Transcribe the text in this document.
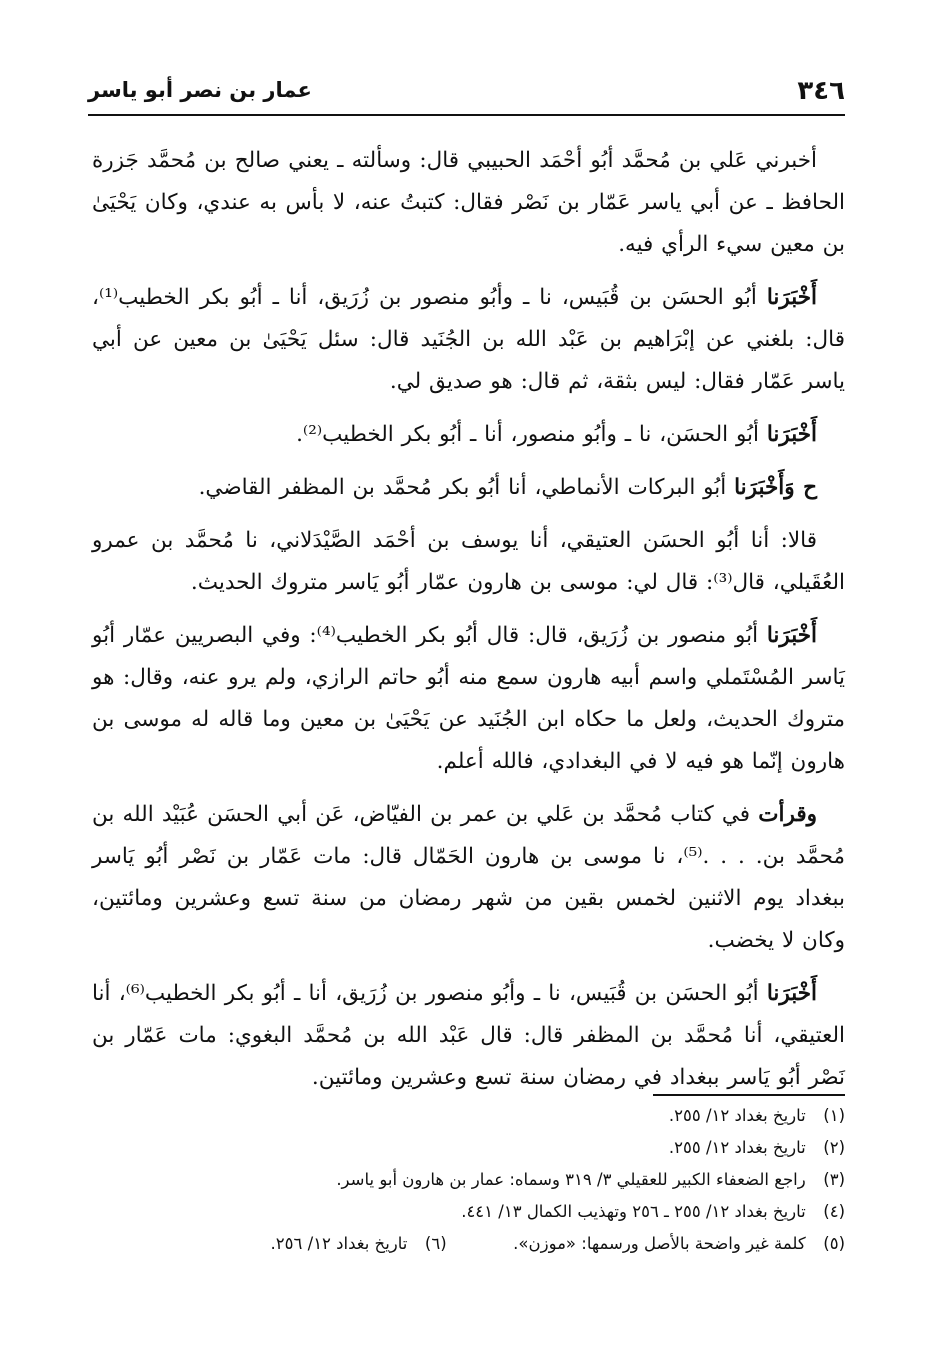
٣٤٦
عمار بن نصر أبو ياسر

أخبرني عَلي بن مُحمَّد أبُو أحْمَد الحبيبي قال: وسألته ـ يعني صالح بن مُحمَّد جَزرة الحافظ ـ عن أبي ياسر عَمّار بن نَصْر فقال: كتبتُ عنه، لا بأس به عندي، وكان يَحْيَىٰ بن معين سيء الرأي فيه.

أَخْبَرَنا أبُو الحسَن بن قُبَيس، نا ـ وأبُو منصور بن زُرَيق، أنا ـ أبُو بكر الخطيب⁽¹⁾، قال: بلغني عن إبْرَاهيم بن عَبْد الله بن الجُنَيد قال: سئل يَحْيَىٰ بن معين عن أبي ياسر عَمّار فقال: ليس بثقة، ثم قال: هو صديق لي.

أَخْبَرَنا أبُو الحسَن، نا ـ وأبُو منصور، أنا ـ أبُو بكر الخطيب⁽²⁾.

ح وَأَخْبَرَنا أبُو البركات الأنماطي، أنا أبُو بكر مُحمَّد بن المظفر القاضي.

قالا: أنا أبُو الحسَن العتيقي، أنا يوسف بن أحْمَد الصَّيْدَلاني، نا مُحمَّد بن عمرو العُقَيلي، قال⁽³⁾: قال لي: موسى بن هارون عمّار أبُو يَاسر متروك الحديث.

أَخْبَرَنا أبُو منصور بن زُرَيق، قال: قال أبُو بكر الخطيب⁽⁴⁾: وفي البصريين عمّار أبُو يَاسر المُسْتَملي واسم أبيه هارون سمع منه أبُو حاتم الرازي، ولم يرو عنه، وقال: هو متروك الحديث، ولعل ما حكاه ابن الجُنَيد عن يَحْيَىٰ بن معين وما قاله له موسى بن هارون إنّما هو فيه لا في البغدادي، فالله أعلم.

وقرأت في كتاب مُحمَّد بن عَلي بن عمر بن الفيّاض، عَن أبي الحسَن عُبَيْد الله بن مُحمَّد بن. . . .⁽⁵⁾، نا موسى بن هارون الحَمّال قال: مات عَمّار بن نَصْر أبُو يَاسر ببغداد يوم الاثنين لخمس بقين من شهر رمضان من سنة تسع وعشرين ومائتين، وكان لا يخضب.

أَخْبَرَنا أبُو الحسَن بن قُبَيس، نا ـ وأبُو منصور بن زُرَيق، أنا ـ أبُو بكر الخطيب⁽⁶⁾، أنا العتيقي، أنا مُحمَّد بن المظفر قال: قال عَبْد الله بن مُحمَّد البغوي: مات عَمّار بن نَصْر أبُو يَاسر ببغداد في رمضان سنة تسع وعشرين ومائتين.

(١) تاريخ بغداد ١٢/ ٢٥٥.
(٢) تاريخ بغداد ١٢/ ٢٥٥.
(٣) راجع الضعفاء الكبير للعقيلي ٣/ ٣١٩ وسماه: عمار بن هارون أبو ياسر.
(٤) تاريخ بغداد ١٢/ ٢٥٥ ـ ٢٥٦ وتهذيب الكمال ١٣/ ٤٤١.
(٥) كلمة غير واضحة بالأصل ورسمها: «موزن».  (٦) تاريخ بغداد ١٢/ ٢٥٦.
